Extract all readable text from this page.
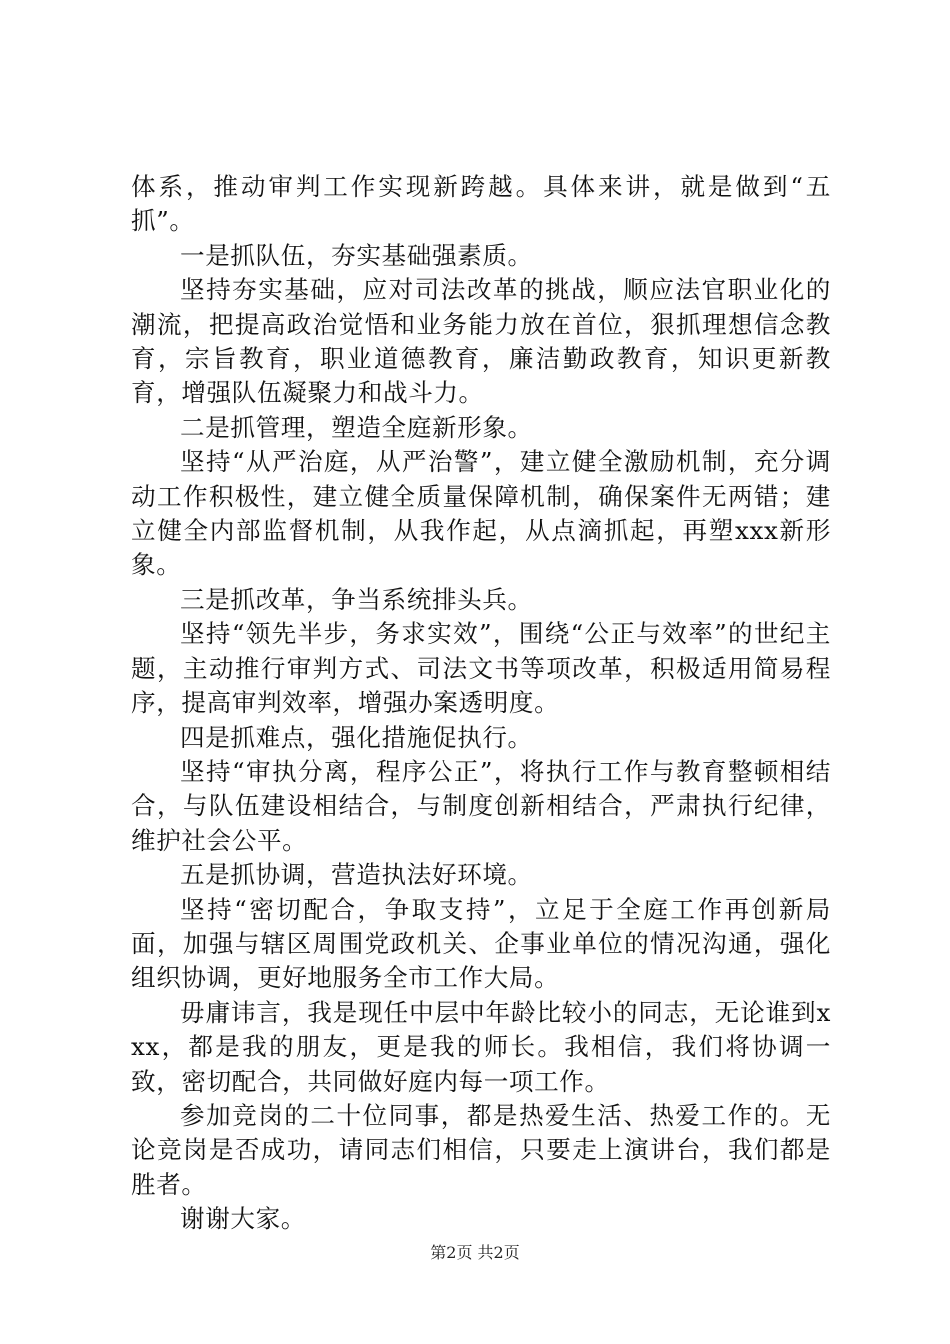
体系，推动审判工作实现新跨越。具体来讲，就是做到“五抓”。

一是抓队伍，夯实基础强素质。

坚持夯实基础，应对司法改革的挑战，顺应法官职业化的潮流，把提高政治觉悟和业务能力放在首位，狠抓理想信念教育，宗旨教育，职业道德教育，廉洁勤政教育，知识更新教育，增强队伍凝聚力和战斗力。

二是抓管理，塑造全庭新形象。

坚持“从严治庭，从严治警”，建立健全激励机制，充分调动工作积极性，建立健全质量保障机制，确保案件无两错；建立健全内部监督机制，从我作起，从点滴抓起，再塑xxx新形象。

三是抓改革，争当系统排头兵。

坚持“领先半步，务求实效”，围绕“公正与效率”的世纪主题，主动推行审判方式、司法文书等项改革，积极适用简易程序，提高审判效率，增强办案透明度。

四是抓难点，强化措施促执行。

坚持“审执分离，程序公正”，将执行工作与教育整顿相结合，与队伍建设相结合，与制度创新相结合，严肃执行纪律，维护社会公平。

五是抓协调，营造执法好环境。

坚持“密切配合，争取支持”，立足于全庭工作再创新局面，加强与辖区周围党政机关、企事业单位的情况沟通，强化组织协调，更好地服务全市工作大局。

毋庸讳言，我是现任中层中年龄比较小的同志，无论谁到xxx，都是我的朋友，更是我的师长。我相信，我们将协调一致，密切配合，共同做好庭内每一项工作。

参加竞岗的二十位同事，都是热爱生活、热爱工作的。无论竞岗是否成功，请同志们相信，只要走上演讲台，我们都是胜者。

谢谢大家。

第2页 共2页
